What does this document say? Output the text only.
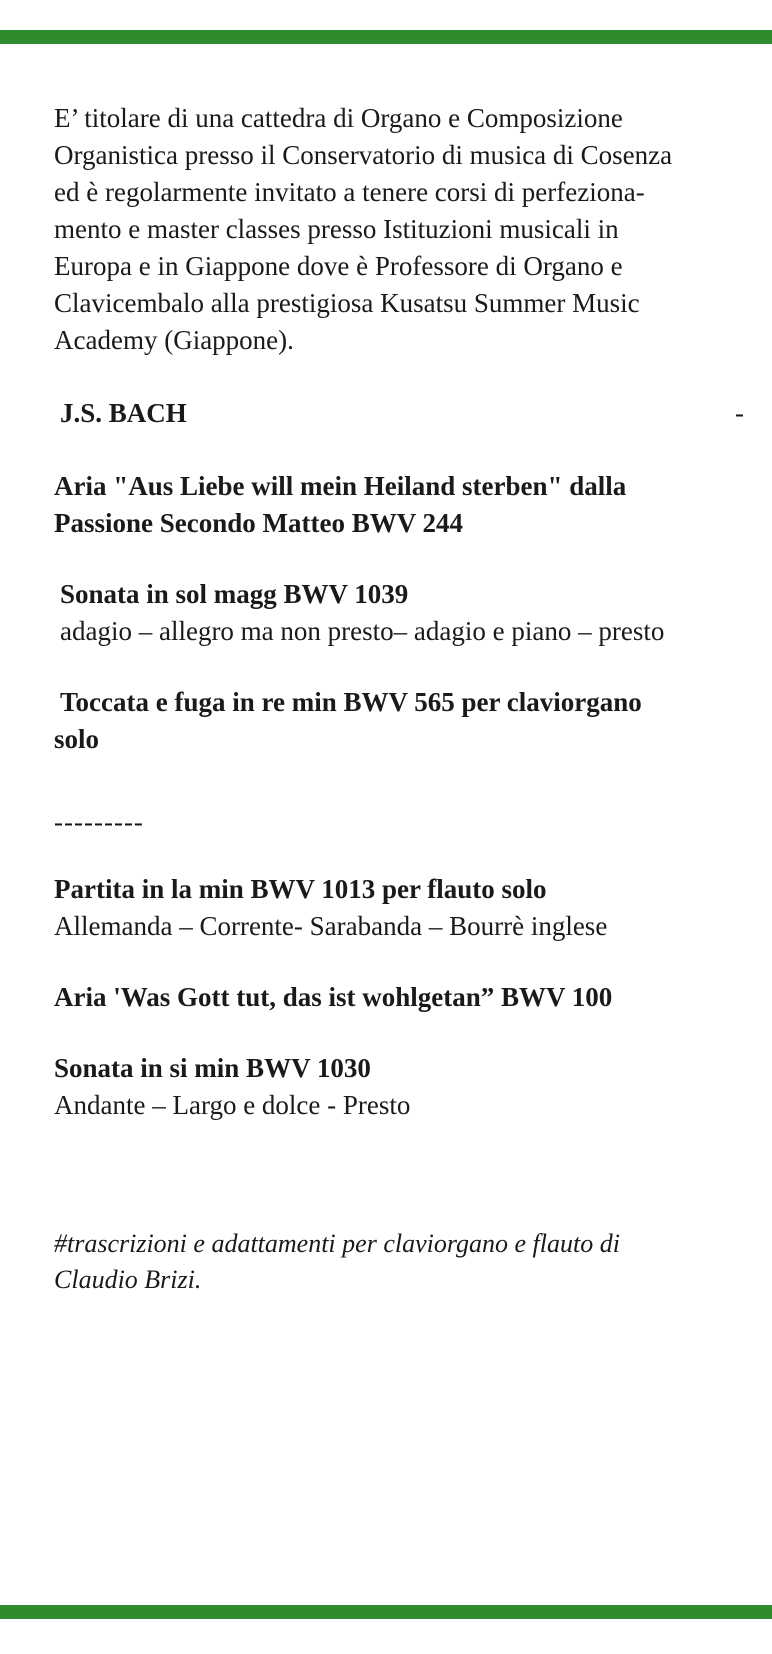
E’ titolare di una cattedra di Organo e Composizione

Organistica presso il Conservatorio di musica di Cosenza

ed è regolarmente invitato a tenere corsi di perfeziona-

mento e master classes presso Istituzioni musicali in

Europa e in Giappone dove è Professore di Organo e

Clavicembalo alla prestigiosa Kusatsu Summer Music

Academy (Giappone).

J.S. BACH	-

Aria "Aus Liebe will mein Heiland sterben" dalla

Passione Secondo Matteo BWV 244

Sonata in sol magg BWV 1039

adagio – allegro ma non presto– adagio e piano – presto

Toccata e fuga in re min BWV 565 per claviorgano

solo

---------

Partita in la min BWV 1013 per flauto solo

Allemanda – Corrente- Sarabanda – Bourrè inglese

Aria 'Was Gott tut, das ist wohlgetan” BWV 100

Sonata in si min BWV 1030

Andante – Largo e dolce - Presto

#trascrizioni e adattamenti per claviorgano e flauto di

Claudio Brizi.
